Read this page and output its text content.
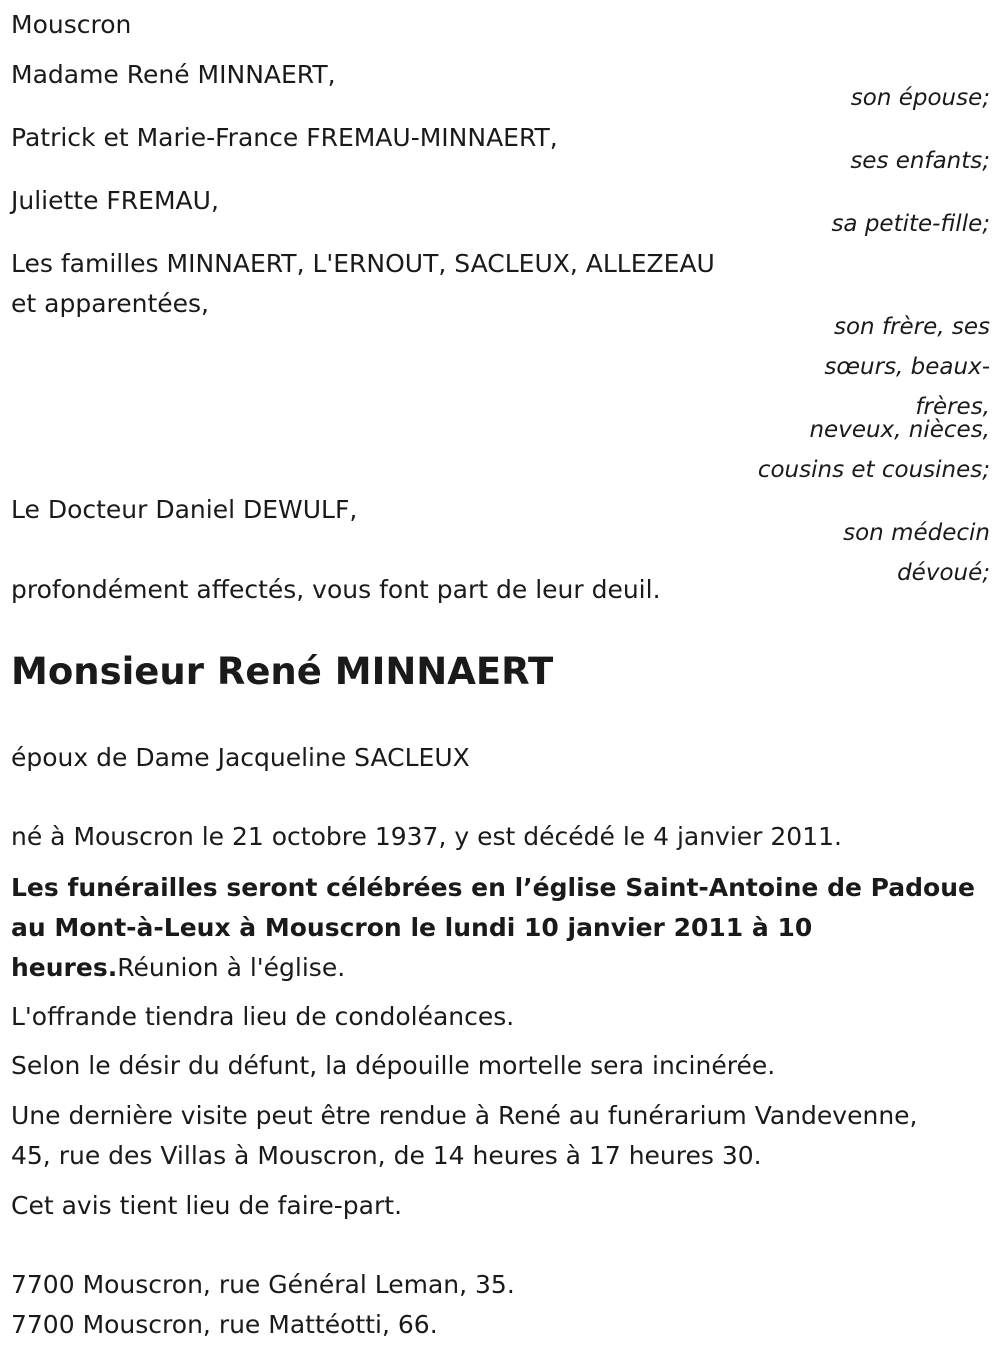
Mouscron
Madame René MINNAERT,
son épouse;
Patrick et Marie-France FREMAU-MINNAERT,
ses enfants;
Juliette FREMAU,
sa petite-fille;
Les familles MINNAERT, L'ERNOUT, SACLEUX, ALLEZEAU
et apparentées,
son frère, ses
sœurs, beaux-
frères,
neveux, nièces,
cousins et cousines;
Le Docteur Daniel DEWULF,
son médecin
dévoué;
profondément affectés, vous font part de leur deuil.
Monsieur René MINNAERT
époux de Dame Jacqueline SACLEUX
né à Mouscron le 21 octobre 1937, y est décédé le 4 janvier 2011.
Les funérailles seront célébrées en l’église Saint-Antoine de Padoue
au Mont-à-Leux à Mouscron le lundi 10 janvier 2011 à 10
heures.Réunion à l'église.
L'offrande tiendra lieu de condoléances.
Selon le désir du défunt, la dépouille mortelle sera incinérée.
Une dernière visite peut être rendue à René au funérarium Vandevenne,
45, rue des Villas à Mouscron, de 14 heures à 17 heures 30.
Cet avis tient lieu de faire-part.
7700 Mouscron, rue Général Leman, 35.
7700 Mouscron, rue Mattéotti, 66.
